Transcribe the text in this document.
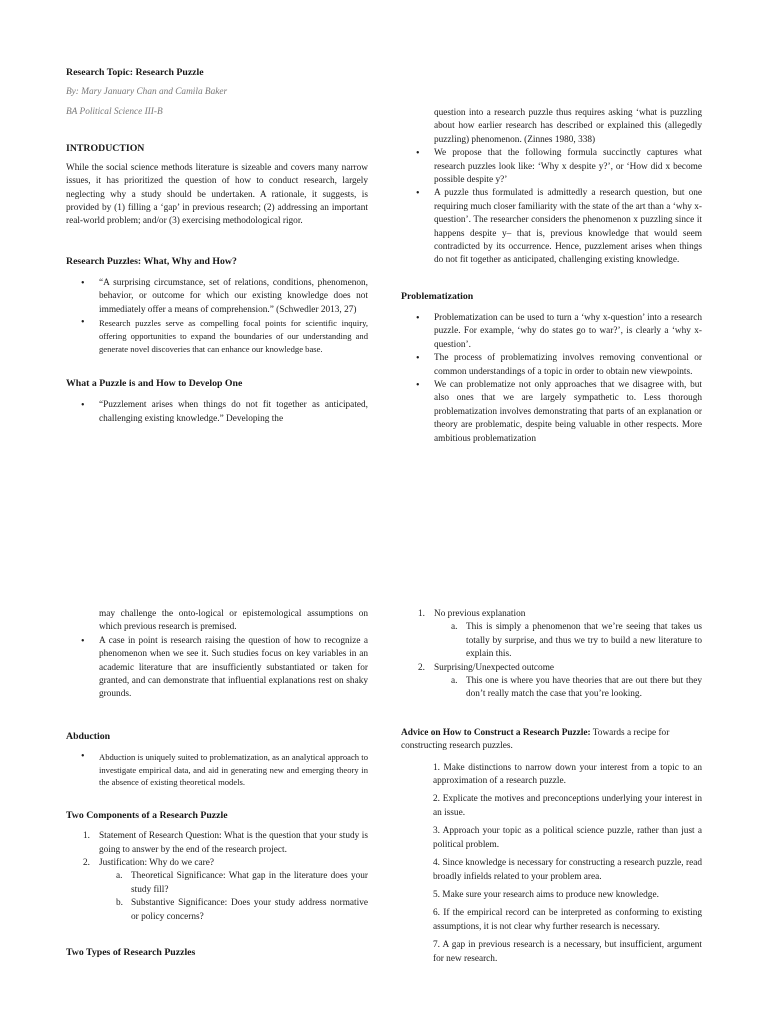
Research Topic: Research Puzzle

By: Mary January Chan and Camila Baker

BA Political Science III-B

INTRODUCTION

While the social science methods literature is sizeable and covers many narrow issues, it has prioritized the question of how to conduct research, largely neglecting why a study should be undertaken. A rationale, it suggests, is provided by (1) filling a ‘gap’ in previous research; (2) addressing an important real-world problem; and/or (3) exercising methodological rigor.

Research Puzzles: What, Why and How?
• “A surprising circumstance, set of relations, conditions, phenomenon, behavior, or outcome for which our existing knowledge does not immediately offer a means of comprehension.” (Schwedler 2013, 27)
• Research puzzles serve as compelling focal points for scientific inquiry, offering opportunities to expand the boundaries of our understanding and generate novel discoveries that can enhance our knowledge base.
What a Puzzle is and How to Develop One
• “Puzzlement arises when things do not fit together as anticipated, challenging existing knowledge.” Developing the
question into a research puzzle thus requires asking ‘what is puzzling about how earlier research has described or explained this (allegedly puzzling) phenomenon. (Zinnes 1980, 338)
• We propose that the following formula succinctly captures what research puzzles look like: ‘Why x despite y?’, or ‘How did x become possible despite y?’
• A puzzle thus formulated is admittedly a research question, but one requiring much closer familiarity with the state of the art than a ‘why x-question’. The researcher considers the phenomenon x puzzling since it happens despite y– that is, previous knowledge that would seem contradicted by its occurrence. Hence, puzzlement arises when things do not fit together as anticipated, challenging existing knowledge.
Problematization
• Problematization can be used to turn a ‘why x-question’ into a research puzzle. For example, ‘why do states go to war?’, is clearly a ‘why x-question’.
• The process of problematizing involves removing conventional or common understandings of a topic in order to obtain new viewpoints.
• We can problematize not only approaches that we disagree with, but also ones that we are largely sympathetic to. Less thorough problematization involves demonstrating that parts of an explanation or theory are problematic, despite being valuable in other respects. More ambitious problematization

may challenge the onto-logical or epistemological assumptions on which previous research is premised.

• A case in point is research raising the question of how to recognize a phenomenon when we see it. Such studies focus on key variables in an academic literature that are insufficiently substantiated or taken for granted, and can demonstrate that influential explanations rest on shaky grounds.
Abduction
• Abduction is uniquely suited to problematization, as an analytical approach to investigate empirical data, and aid in generating new and emerging theory in the absence of existing theoretical models.
Two Components of a Research Puzzle
1. Statement of Research Question: What is the question that your study is going to answer by the end of the research project.
2. Justification: Why do we care?
a. Theoretical Significance: What gap in the literature does your study fill?
b. Substantive Significance: Does your study address normative or policy concerns?
Two Types of Research Puzzles
1. No previous explanation
a. This is simply a phenomenon that we’re seeing that takes us totally by surprise, and thus we try to build a new literature to explain this.
2. Surprising/Unexpected outcome
a. This one is where you have theories that are out there but they don’t really match the case that you’re looking.

Advice on How to Construct a Research Puzzle: Towards a recipe for constructing research puzzles.

1. Make distinctions to narrow down your interest from a topic to an approximation of a research puzzle.

2. Explicate the motives and preconceptions underlying your interest in an issue.

3. Approach your topic as a political science puzzle, rather than just a political problem.

4. Since knowledge is necessary for constructing a research puzzle, read broadly infields related to your problem area.

5. Make sure your research aims to produce new knowledge.

6. If the empirical record can be interpreted as conforming to existing assumptions, it is not clear why further research is necessary.

7. A gap in previous research is a necessary, but insufficient, argument for new research.
